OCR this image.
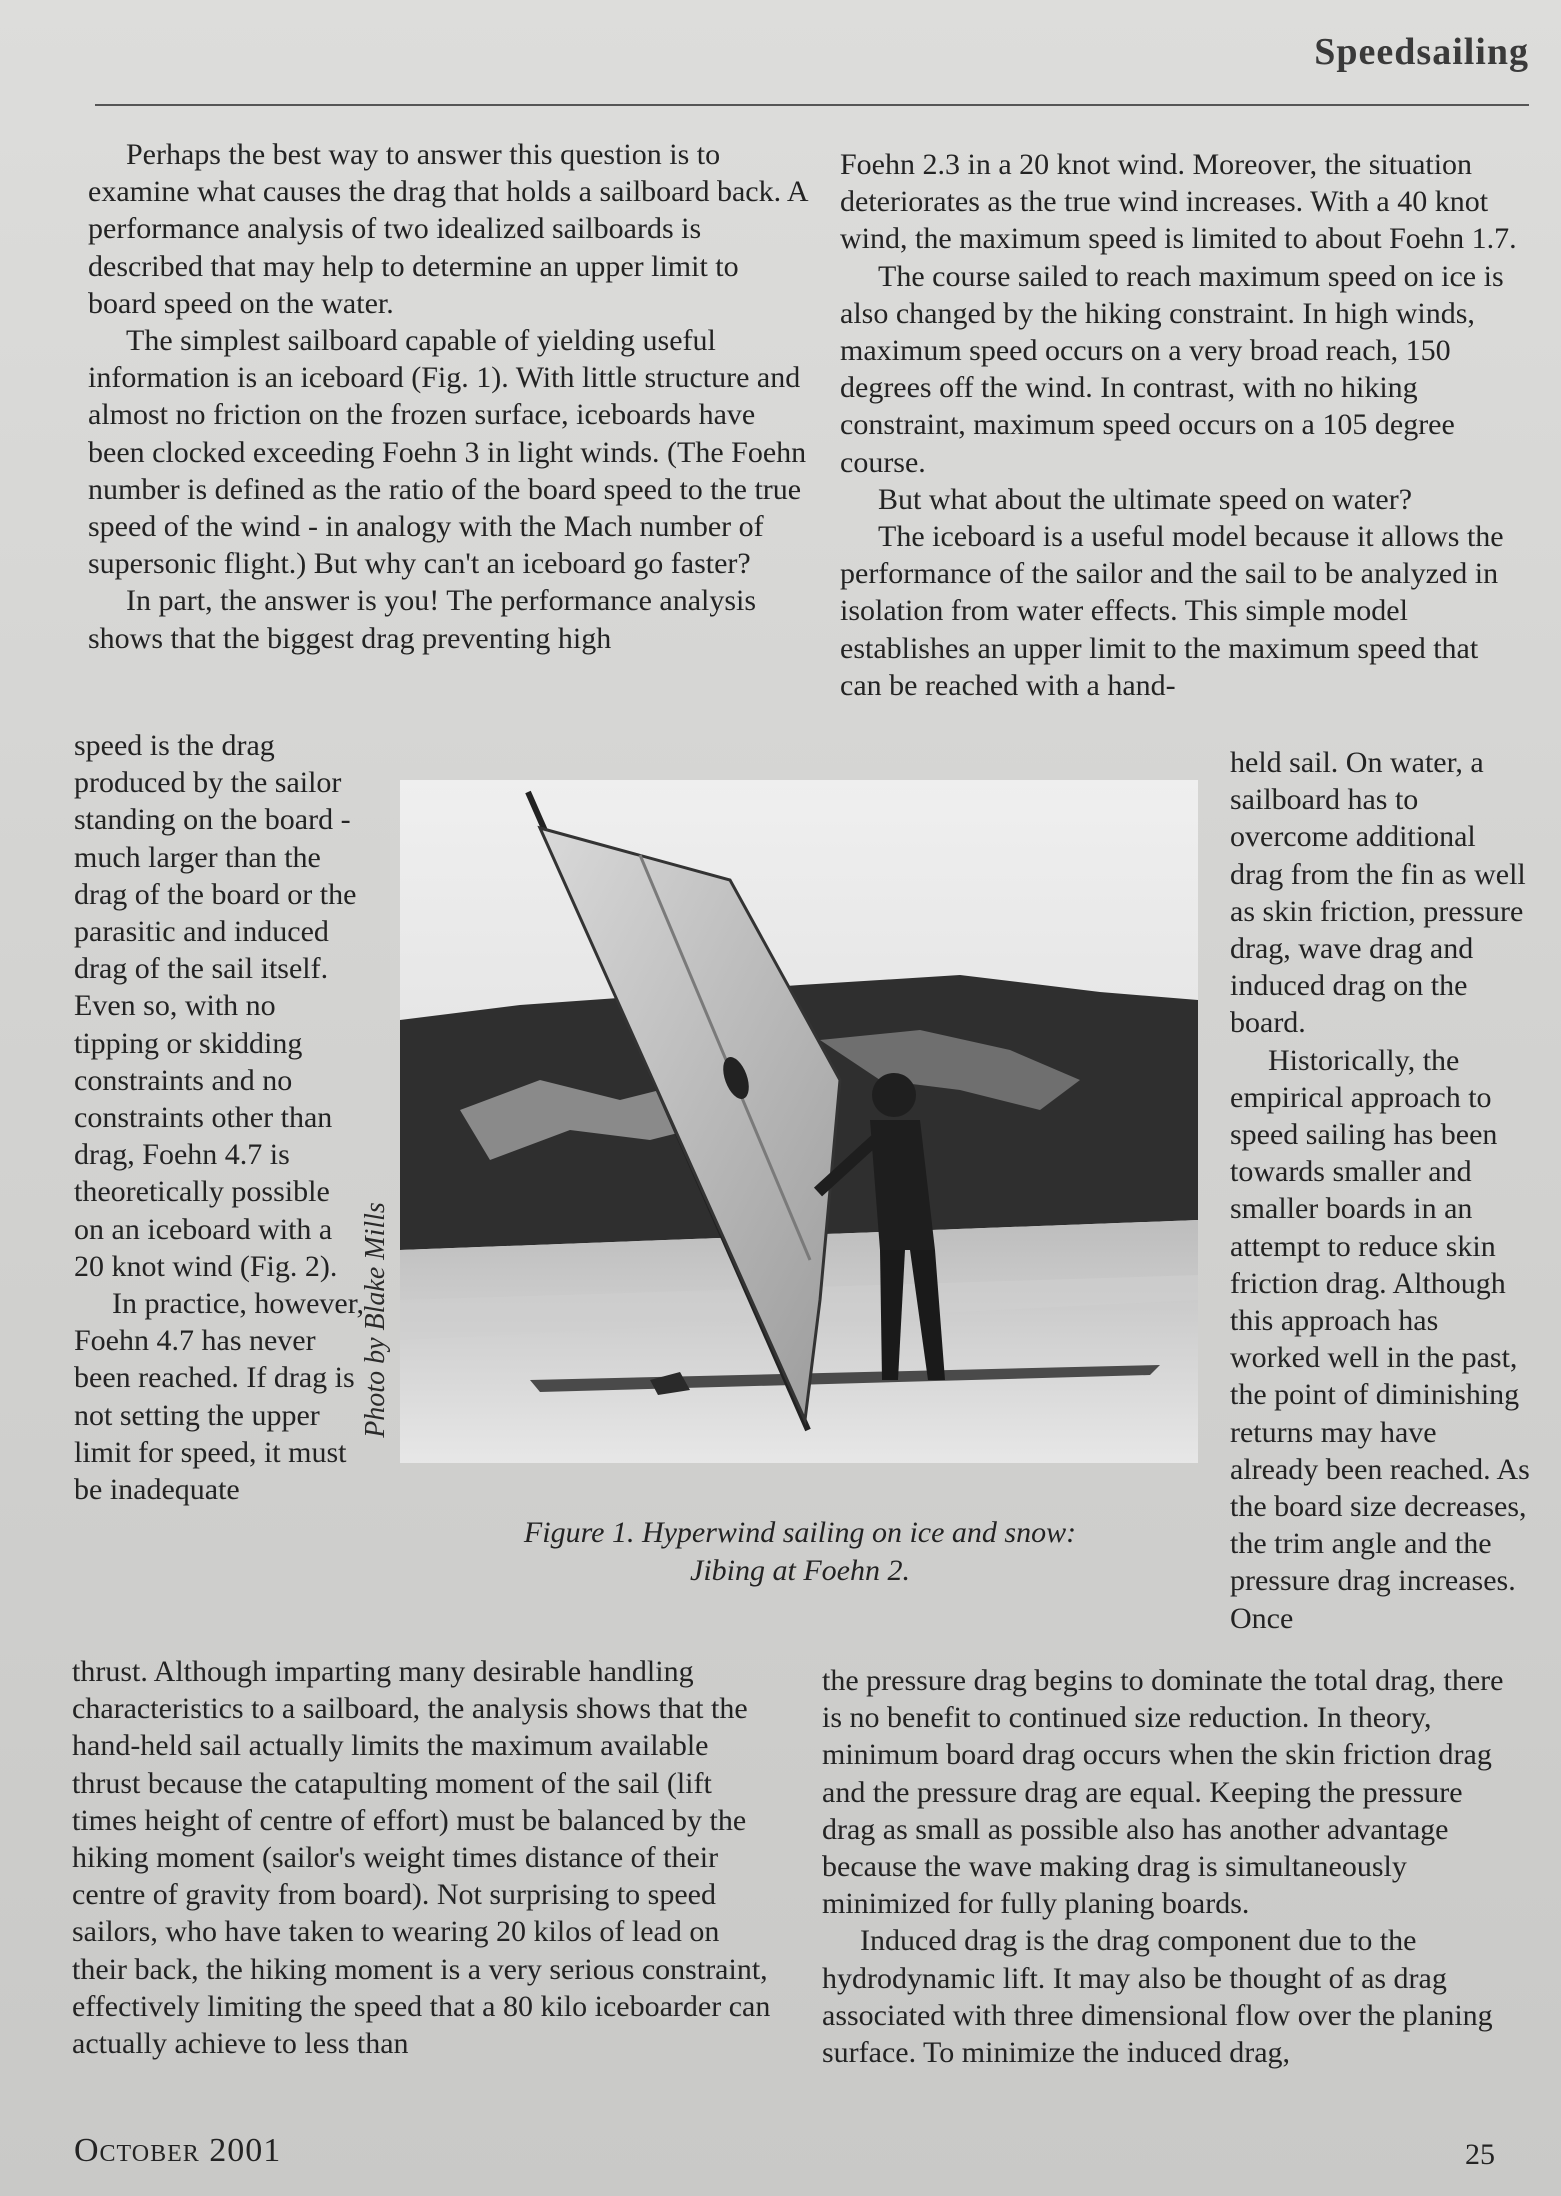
Speedsailing

Perhaps the best way to answer this question is to examine what causes the drag that holds a sailboard back. A performance analysis of two idealized sailboards is described that may help to determine an upper limit to board speed on the water.

The simplest sailboard capable of yielding useful information is an iceboard (Fig. 1). With little structure and almost no friction on the frozen surface, iceboards have been clocked exceeding Foehn 3 in light winds. (The Foehn number is defined as the ratio of the board speed to the true speed of the wind - in analogy with the Mach number of supersonic flight.) But why can't an iceboard go faster?

In part, the answer is you! The performance analysis shows that the biggest drag preventing high

speed is the drag produced by the sailor standing on the board - much larger than the drag of the board or the parasitic and induced drag of the sail itself. Even so, with no tipping or skidding constraints and no constraints other than drag, Foehn 4.7 is theoretically possible on an iceboard with a 20 knot wind (Fig. 2).

In practice, however, Foehn 4.7 has never been reached. If drag is not setting the upper limit for speed, it must be inadequate

thrust. Although imparting many desirable handling characteristics to a sailboard, the analysis shows that the hand-held sail actually limits the maximum available thrust because the catapulting moment of the sail (lift times height of centre of effort) must be balanced by the hiking moment (sailor's weight times distance of their centre of gravity from board). Not surprising to speed sailors, who have taken to wearing 20 kilos of lead on their back, the hiking moment is a very serious constraint, effectively limiting the speed that a 80 kilo iceboarder can actually achieve to less than

Foehn 2.3 in a 20 knot wind. Moreover, the situation deteriorates as the true wind increases. With a 40 knot wind, the maximum speed is limited to about Foehn 1.7.

The course sailed to reach maximum speed on ice is also changed by the hiking constraint. In high winds, maximum speed occurs on a very broad reach, 150 degrees off the wind. In contrast, with no hiking constraint, maximum speed occurs on a 105 degree course.

But what about the ultimate speed on water?

The iceboard is a useful model because it allows the performance of the sailor and the sail to be analyzed in isolation from water effects. This simple model establishes an upper limit to the maximum speed that can be reached with a hand-

held sail. On water, a sailboard has to overcome additional drag from the fin as well as skin friction, pressure drag, wave drag and induced drag on the board.

Historically, the empirical approach to speed sailing has been towards smaller and smaller boards in an attempt to reduce skin friction drag. Although this approach has worked well in the past, the point of diminishing returns may have already been reached. As the board size decreases, the trim angle and the pressure drag increases. Once

the pressure drag begins to dominate the total drag, there is no benefit to continued size reduction. In theory, minimum board drag occurs when the skin friction drag and the pressure drag are equal. Keeping the pressure drag as small as possible also has another advantage because the wave making drag is simultaneously minimized for fully planing boards.

Induced drag is the drag component due to the hydrodynamic lift. It may also be thought of as drag associated with three dimensional flow over the planing surface. To minimize the induced drag,

Photo by Blake Mills
Figure 1. Hyperwind sailing on ice and snow:
Jibing at Foehn 2.
October 2001	25
